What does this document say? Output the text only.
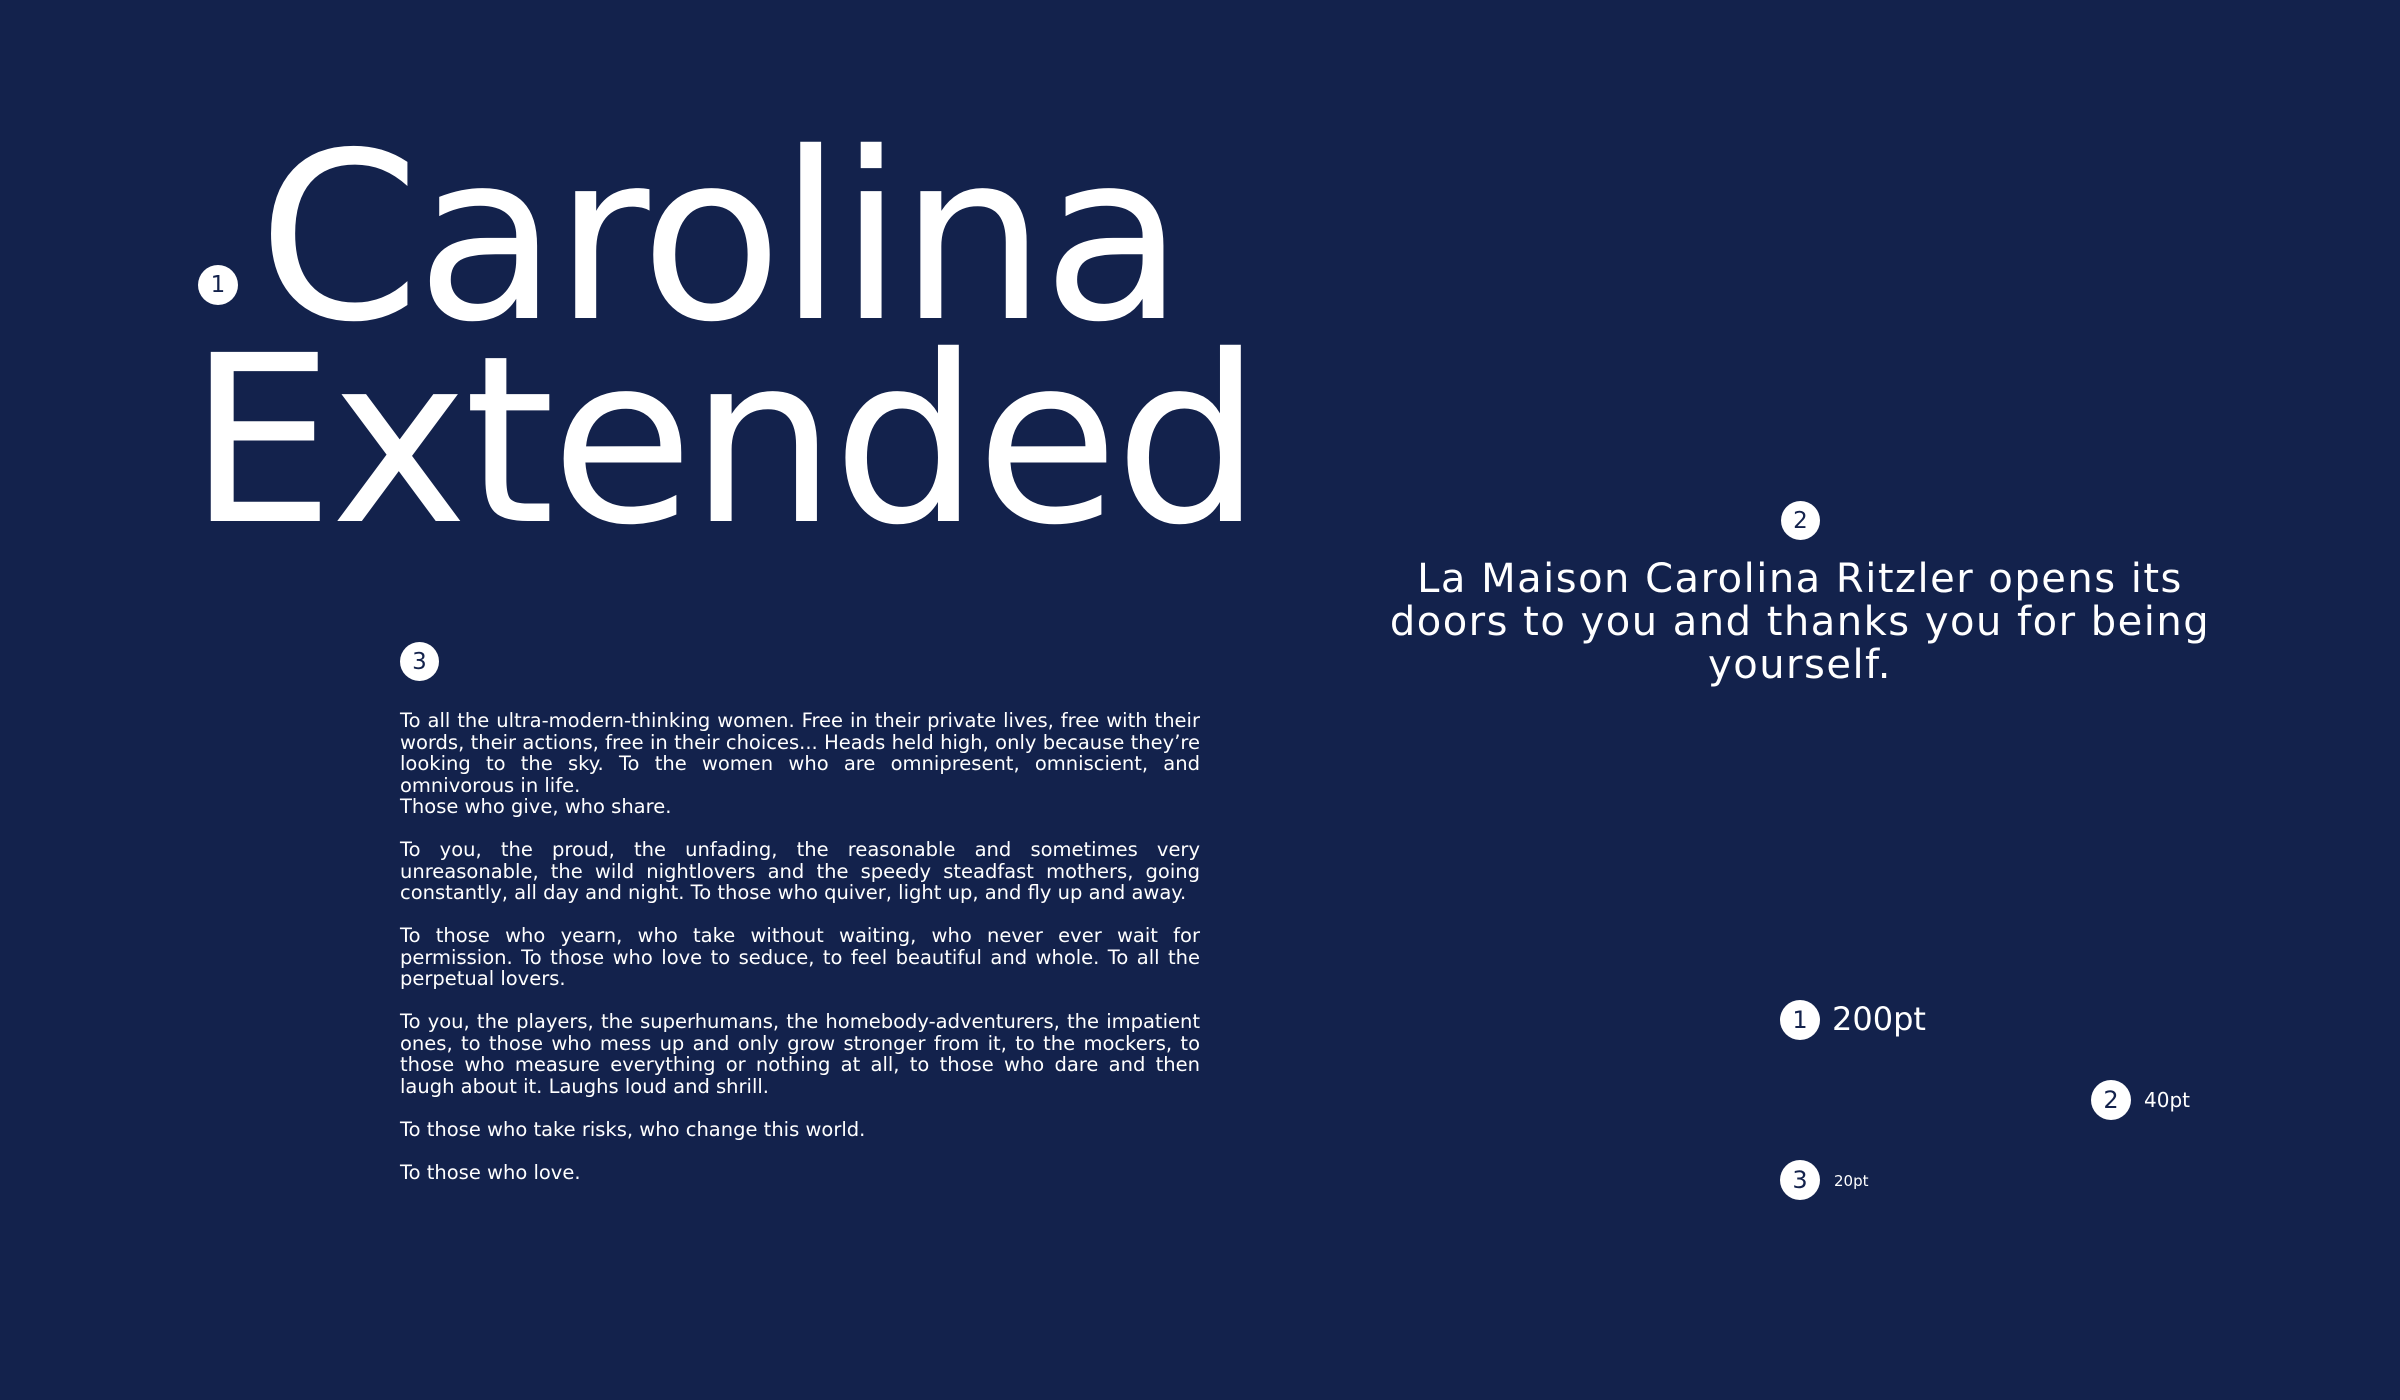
1 Carolina
Extended	2
La Maison Carolina Ritzler opens its doors to you and thanks you for being yourself.
3

To all the ultra-modern-thinking women. Free in their private lives, free with their words, their actions, free in their choices... Heads held high, only because they’re looking to the sky. To the women who are omnipresent, omniscient, and omnivorous in life.
Those who give, who share.

To you, the proud, the unfading, the reasonable and sometimes very unreasonable, the wild nightlovers and the speedy steadfast mothers, going constantly, all day and night. To those who quiver, light up, and fly up and away.

To those who yearn, who take without waiting, who never ever wait for permission. To those who love to seduce, to feel beautiful and whole. To all the perpetual lovers.

To you, the players, the superhumans, the homebody-adventurers, the impatient ones, to those who mess up and only grow stronger from it, to the mockers, to those who measure everything or nothing at all, to those who dare and then laugh about it. Laughs loud and shrill.

To those who take risks, who change this world.

To those who love.

1 200pt
2	40pt
3	20pt
